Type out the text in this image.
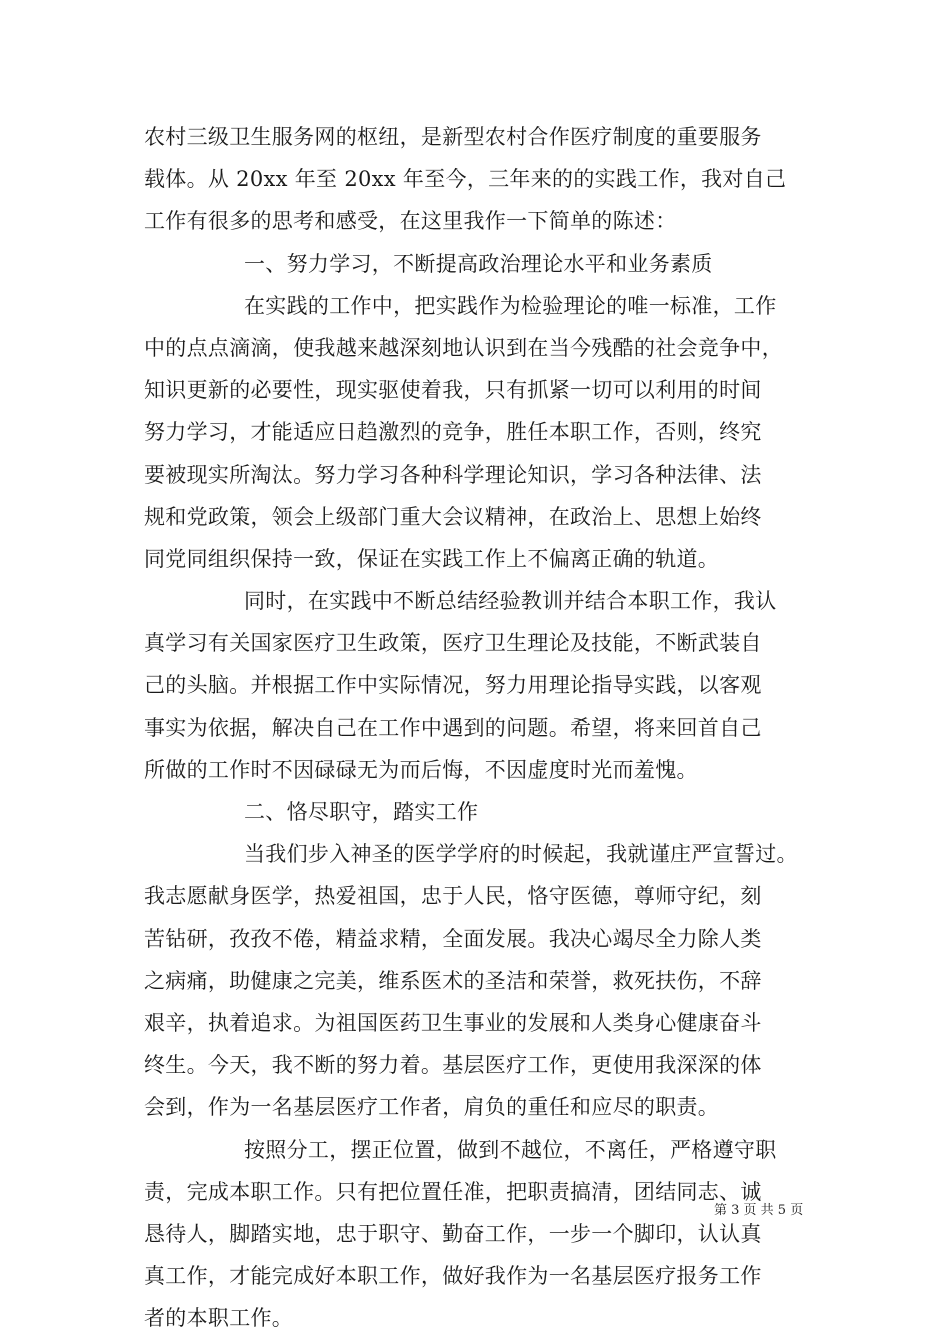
农村三级卫生服务网的枢纽，是新型农村合作医疗制度的重要服务
载体。从 20xx 年至 20xx 年至今，三年来的的实践工作，我对自己
工作有很多的思考和感受，在这里我作一下简单的陈述：
一、努力学习，不断提高政治理论水平和业务素质
在实践的工作中，把实践作为检验理论的唯一标准，工作
中的点点滴滴，使我越来越深刻地认识到在当今残酷的社会竞争中，
知识更新的必要性，现实驱使着我，只有抓紧一切可以利用的时间
努力学习，才能适应日趋激烈的竞争，胜任本职工作，否则，终究
要被现实所淘汰。努力学习各种科学理论知识，学习各种法律、法
规和党政策，领会上级部门重大会议精神，在政治上、思想上始终
同党同组织保持一致，保证在实践工作上不偏离正确的轨道。
同时，在实践中不断总结经验教训并结合本职工作，我认
真学习有关国家医疗卫生政策，医疗卫生理论及技能，不断武装自
己的头脑。并根据工作中实际情况，努力用理论指导实践，以客观
事实为依据，解决自己在工作中遇到的问题。希望，将来回首自己
所做的工作时不因碌碌无为而后悔，不因虚度时光而羞愧。
二、恪尽职守，踏实工作
当我们步入神圣的医学学府的时候起，我就谨庄严宣誓过。
我志愿献身医学，热爱祖国，忠于人民，恪守医德，尊师守纪，刻
苦钻研，孜孜不倦，精益求精，全面发展。我决心竭尽全力除人类
之病痛，助健康之完美，维系医术的圣洁和荣誉，救死扶伤，不辞
艰辛，执着追求。为祖国医药卫生事业的发展和人类身心健康奋斗
终生。今天，我不断的努力着。基层医疗工作，更使用我深深的体
会到，作为一名基层医疗工作者，肩负的重任和应尽的职责。
按照分工，摆正位置，做到不越位，不离任，严格遵守职
责，完成本职工作。只有把位置任准，把职责搞清，团结同志、诚
恳待人，脚踏实地，忠于职守、勤奋工作，一步一个脚印，认认真
真工作，才能完成好本职工作，做好我作为一名基层医疗报务工作
者的本职工作。
第 3 页 共 5 页
